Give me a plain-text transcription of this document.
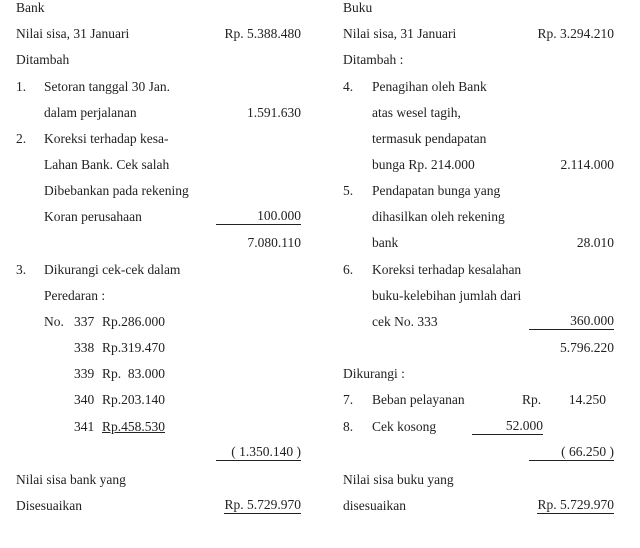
Bank
Nilai sisa, 31 Januari	Rp. 5.388.480
Ditambah
1. Setoran tanggal 30 Jan.
dalam perjalanan	1.591.630
2. Koreksi terhadap kesa-
Lahan Bank. Cek salah
Dibebankan pada rekening
Koran perusahaan	100.000
7.080.110
3. Dikurangi cek-cek dalam
Peredaran :
No. 337 Rp.286.000
338 Rp.319.470
339 Rp.  83.000
340 Rp.203.140
341 Rp.458.530
( 1.350.140 )
Nilai sisa bank yang
Disesuaikan	Rp. 5.729.970
Buku
Nilai sisa, 31 Januari	Rp. 3.294.210
Ditambah :
4. Penagihan oleh Bank
atas wesel tagih,
termasuk pendapatan
bunga Rp. 214.000	2.114.000
5. Pendapatan bunga yang
dihasilkan oleh rekening
bank	28.010
6. Koreksi terhadap kesalahan
buku-kelebihan jumlah dari
cek No. 333	360.000
5.796.220
Dikurangi :
7. Beban pelayanan	Rp. 14.250
8. Cek kosong	52.000
( 66.250 )
Nilai sisa buku yang
disesuaikan	Rp. 5.729.970
